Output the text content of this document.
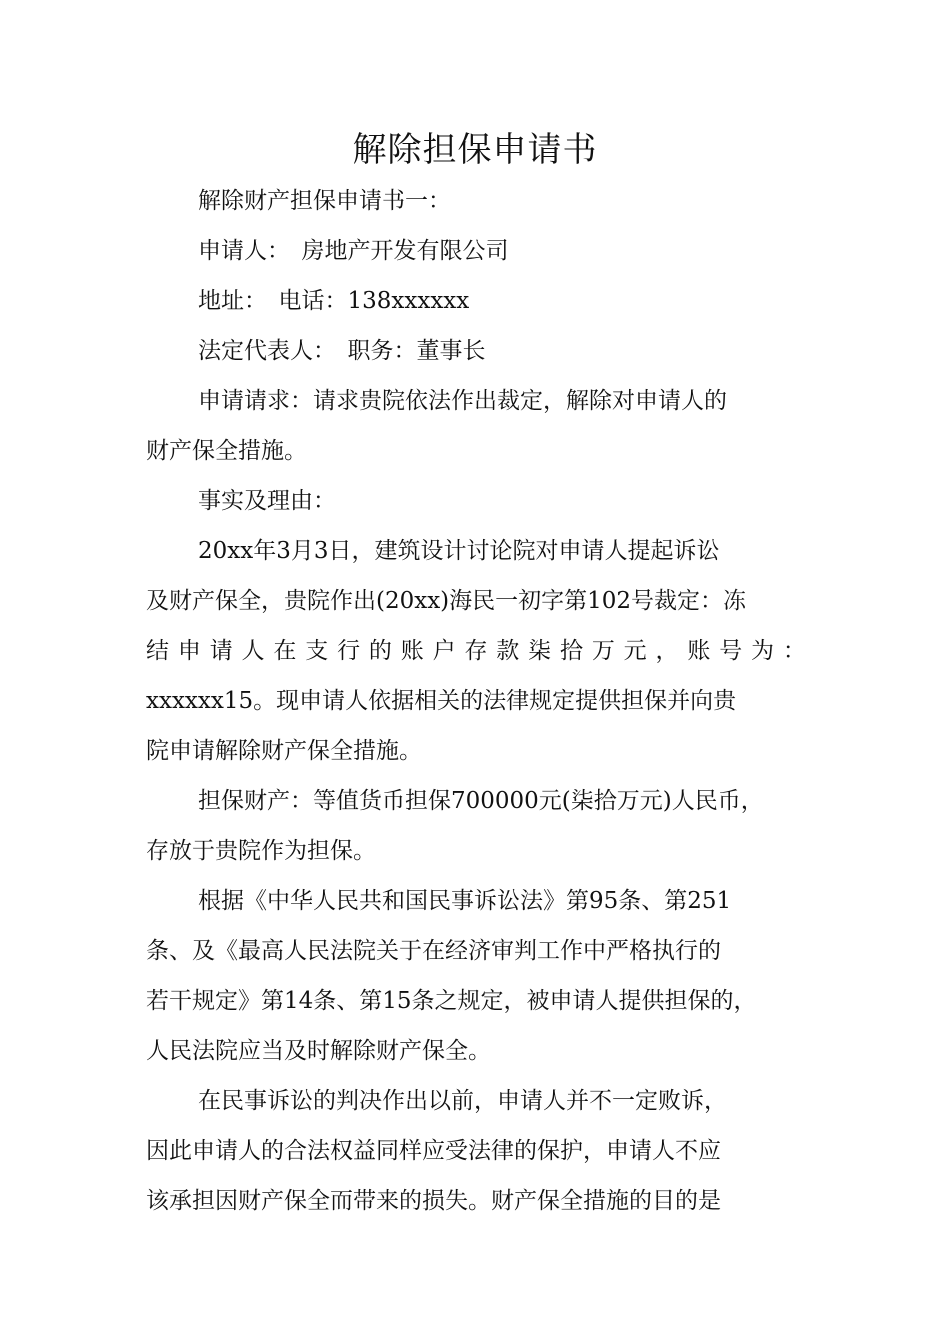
解除担保申请书
解除财产担保申请书一：
申请人：　房地产开发有限公司
地址：　电话：138xxxxxx
法定代表人：　职务：董事长
申请请求：请求贵院依法作出裁定，解除对申请人的
财产保全措施。
事实及理由：
20xx年3月3日，建筑设计讨论院对申请人提起诉讼
及财产保全，贵院作出(20xx)海民一初字第102号裁定：冻
结 申 请 人 在 支 行 的 账 户 存 款 柒 拾 万 元 ， 账 号 为 ：
xxxxxx15。现申请人依据相关的法律规定提供担保并向贵
院申请解除财产保全措施。
担保财产：等值货币担保700000元(柒拾万元)人民币，
存放于贵院作为担保。
根据《中华人民共和国民事诉讼法》第95条、第251
条、及《最高人民法院关于在经济审判工作中严格执行的
若干规定》第14条、第15条之规定，被申请人提供担保的，
人民法院应当及时解除财产保全。
在民事诉讼的判决作出以前，申请人并不一定败诉，
因此申请人的合法权益同样应受法律的保护，申请人不应
该承担因财产保全而带来的损失。财产保全措施的目的是
